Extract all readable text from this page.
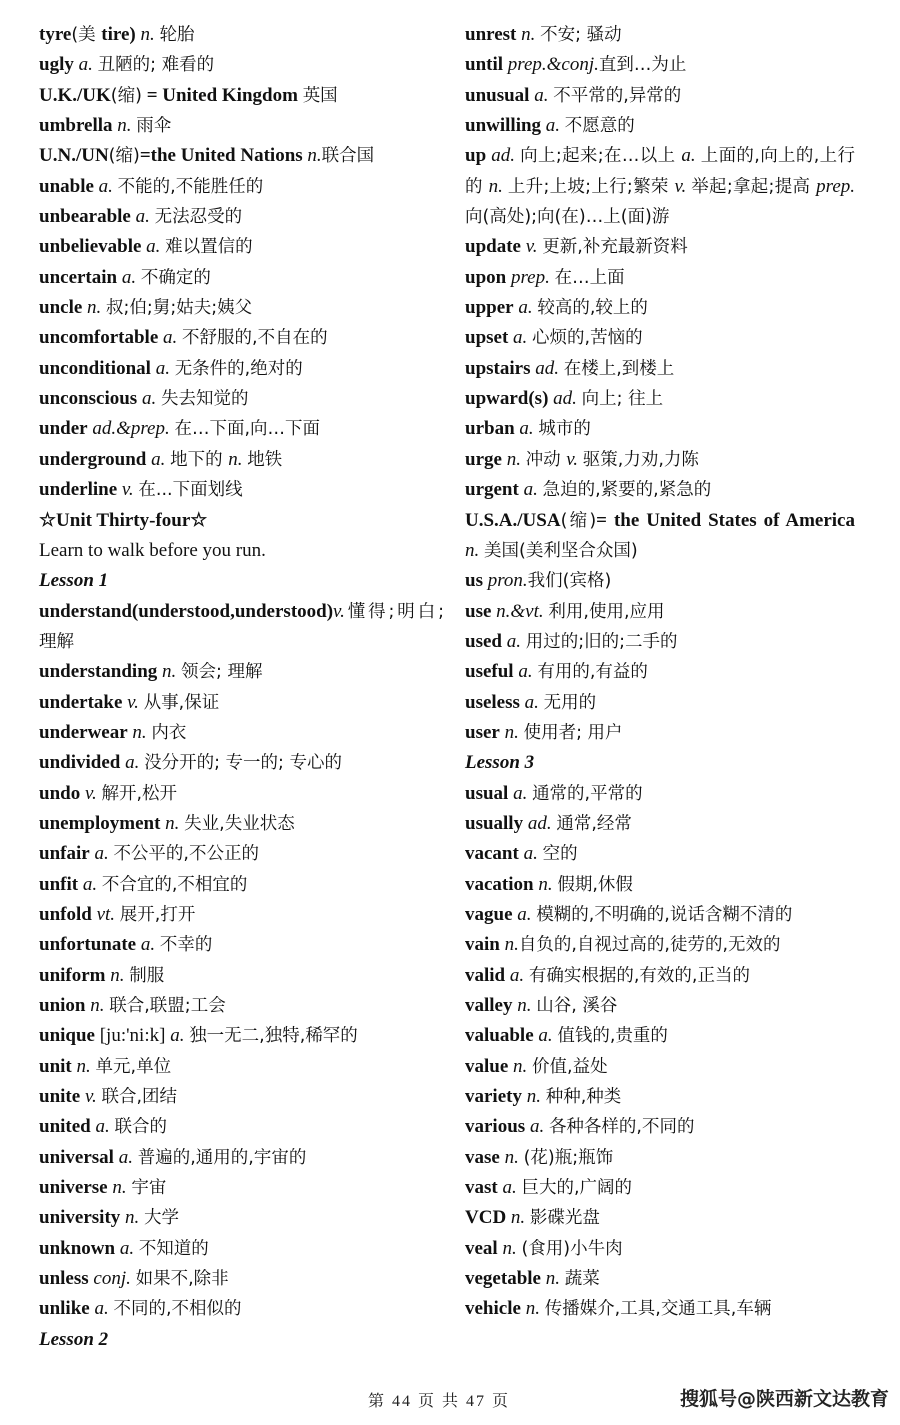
tyre(美 tire) n. 轮胎

ugly a. 丑陋的; 难看的

U.K./UK(缩) = United Kingdom 英国

umbrella n. 雨伞

U.N./UN(缩)=the United Nations n.联合国

unable a. 不能的,不能胜任的

unbearable a. 无法忍受的

unbelievable a. 难以置信的

uncertain a. 不确定的

uncle n. 叔;伯;舅;姑夫;姨父

uncomfortable a. 不舒服的,不自在的

unconditional a. 无条件的,绝对的

unconscious a. 失去知觉的

under ad.&prep. 在…下面,向…下面

underground a. 地下的 n. 地铁

underline v. 在...下面划线

☆Unit Thirty-four☆

Learn to walk before you run.

Lesson 1

understand(understood,understood)v.懂得;明白;理解

understanding n. 领会; 理解

undertake v. 从事,保证

underwear n. 内衣

undivided a. 没分开的; 专一的; 专心的

undo v. 解开,松开

unemployment n. 失业,失业状态

unfair a. 不公平的,不公正的

unfit a. 不合宜的,不相宜的

unfold vt. 展开,打开

unfortunate a. 不幸的

uniform n. 制服

union n. 联合,联盟;工会

unique [ju:'ni:k] a. 独一无二,独特,稀罕的

unit n. 单元,单位

unite v. 联合,团结

united a. 联合的

universal a. 普遍的,通用的,宇宙的

universe n. 宇宙

university n. 大学

unknown a. 不知道的

unless conj. 如果不,除非

unlike a. 不同的,不相似的

Lesson 2

unrest n. 不安; 骚动

until prep.&conj.直到…为止

unusual a. 不平常的,异常的

unwilling a. 不愿意的

up ad. 向上;起来;在…以上 a. 上面的,向上的,上行的 n. 上升;上坡;上行;繁荣 v. 举起;拿起;提高 prep. 向(高处);向(在)…上(面)游

update v. 更新,补充最新资料

upon prep. 在…上面

upper a. 较高的,较上的

upset a. 心烦的,苦恼的

upstairs ad. 在楼上,到楼上

upward(s) ad. 向上; 往上

urban a. 城市的

urge n. 冲动 v. 驱策,力劝,力陈

urgent a. 急迫的,紧要的,紧急的

U.S.A./USA(缩)= the United States of America n. 美国(美利坚合众国)

us pron.我们(宾格)

use n.&vt. 利用,使用,应用

used a. 用过的;旧的;二手的

useful a. 有用的,有益的

useless a. 无用的

user n. 使用者; 用户

Lesson 3

usual a. 通常的,平常的

usually ad. 通常,经常

vacant a. 空的

vacation n. 假期,休假

vague a. 模糊的,不明确的,说话含糊不清的

vain n.自负的,自视过高的,徒劳的,无效的

valid a. 有确实根据的,有效的,正当的

valley n. 山谷, 溪谷

valuable a. 值钱的,贵重的

value n. 价值,益处

variety n. 种种,种类

various a. 各种各样的,不同的

vase n. (花)瓶;瓶饰

vast a. 巨大的,广阔的

VCD n. 影碟光盘

veal n. (食用)小牛肉

vegetable n. 蔬菜

vehicle n. 传播媒介,工具,交通工具,车辆

第 44 页 共 47 页	搜狐号@陕西新文达教育
